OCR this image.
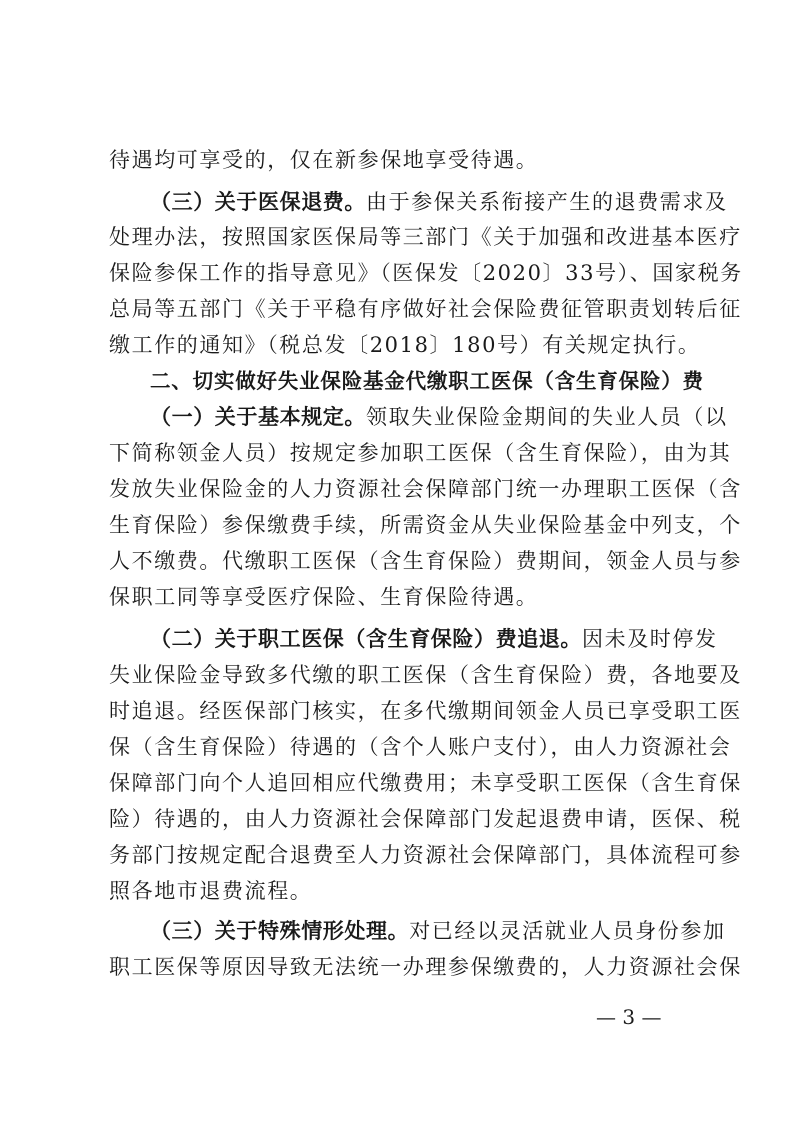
待遇均可享受的，仅在新参保地享受待遇。
（三）关于医保退费。由于参保关系衔接产生的退费需求及
处理办法，按照国家医保局等三部门《关于加强和改进基本医疗
保险参保工作的指导意见》（医保发〔2020〕33号）、国家税务
总局等五部门《关于平稳有序做好社会保险费征管职责划转后征
缴工作的通知》（税总发〔2018〕180号）有关规定执行。
二、切实做好失业保险基金代缴职工医保（含生育保险）费
（一）关于基本规定。领取失业保险金期间的失业人员（以
下简称领金人员）按规定参加职工医保（含生育保险），由为其
发放失业保险金的人力资源社会保障部门统一办理职工医保（含
生育保险）参保缴费手续，所需资金从失业保险基金中列支，个
人不缴费。代缴职工医保（含生育保险）费期间，领金人员与参
保职工同等享受医疗保险、生育保险待遇。
（二）关于职工医保（含生育保险）费追退。因未及时停发
失业保险金导致多代缴的职工医保（含生育保险）费，各地要及
时追退。经医保部门核实，在多代缴期间领金人员已享受职工医
保（含生育保险）待遇的（含个人账户支付），由人力资源社会
保障部门向个人追回相应代缴费用；未享受职工医保（含生育保
险）待遇的，由人力资源社会保障部门发起退费申请，医保、税
务部门按规定配合退费至人力资源社会保障部门，具体流程可参
照各地市退费流程。
（三）关于特殊情形处理。对已经以灵活就业人员身份参加
职工医保等原因导致无法统一办理参保缴费的，人力资源社会保
— 3 —
